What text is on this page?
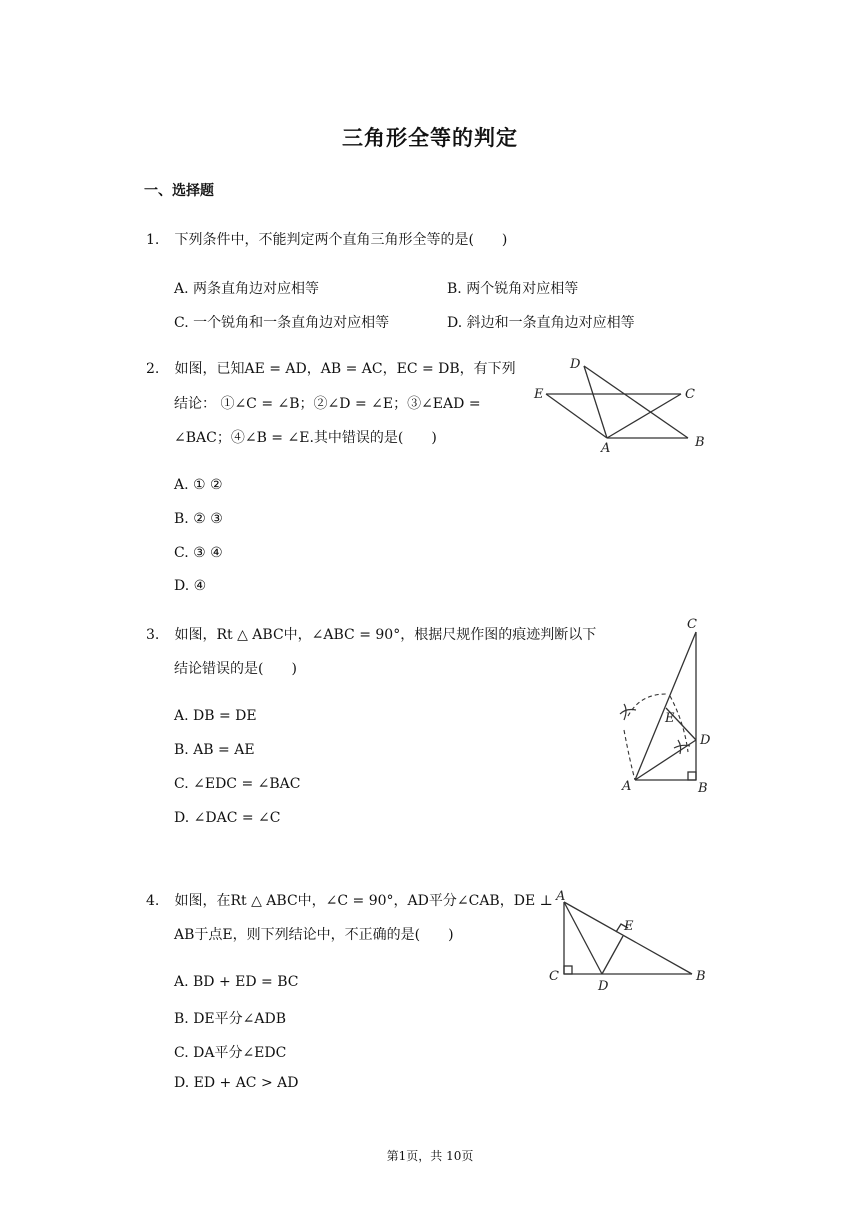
三角形全等的判定
一、选择题
1. 下列条件中，不能判定两个直角三角形全等的是(  )
A. 两条直角边对应相等	B. 两个锐角对应相等
C. 一个锐角和一条直角边对应相等	D. 斜边和一条直角边对应相等
2. 如图，已知AE = AD，AB = AC，EC = DB，有下列
结论： ①∠C = ∠B；②∠D = ∠E；③∠EAD =
∠BAC；④∠B = ∠E.其中错误的是(  )
A. ① ②
B. ② ③
C. ③ ④
D. ④
D
E	C
A	B
3. 如图，Rt △ ABC中，∠ABC = 90°，根据尺规作图的痕迹判断以下
结论错误的是(  )
A. DB = DE
B. AB = AE
C. ∠EDC = ∠BAC
D. ∠DAC = ∠C
C
E
D
A	B
4. 如图，在Rt △ ABC中，∠C = 90°，AD平分∠CAB，DE ⊥
AB于点E，则下列结论中，不正确的是(  )
A. BD + ED = BC
B. DE平分∠ADB
C. DA平分∠EDC
D. ED + AC > AD
A
E
C
D
B
第1页，共 10页
